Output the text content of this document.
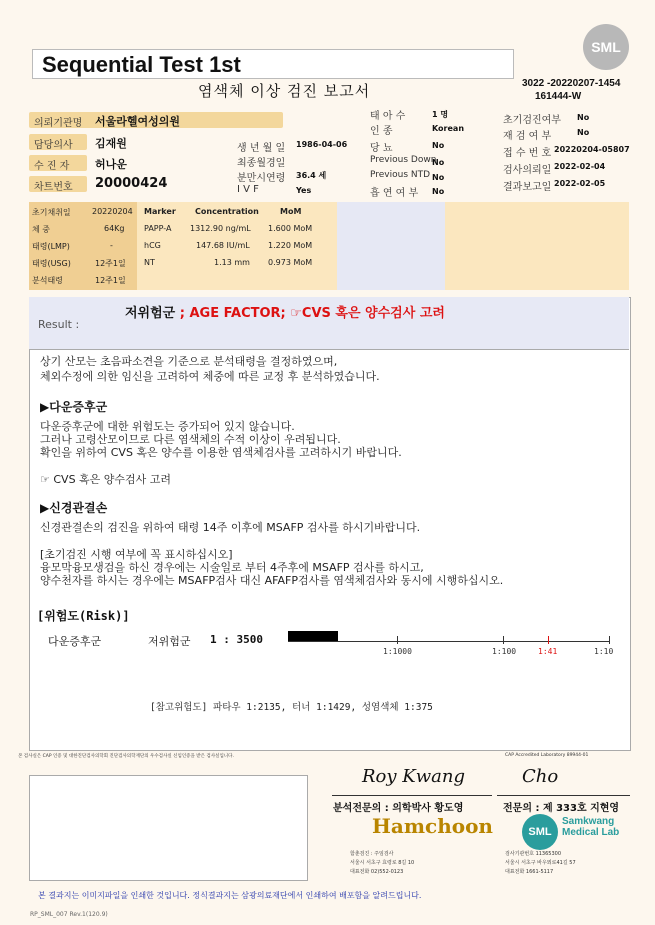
Sequential Test 1st
염색체 이상 검진 보고서
SML
3022 -20220207-1454
161444-W
의뢰기관명 서울라헬여성의원
담당의사 김재원
수 진 자 허나운
차트번호 20000424
생 년 월 일 1986-04-06
최종월경일
분만시연령 36.4 세
I V F	Yes
태 아 수	1 명
인 종	Korean
당 뇨	No
Previous Down
No
Previous NTD No
흡 연 여 부 No
초기검진여부 No
재 검 여 부	No
접 수 번 호 20220204-05807
검사의뢰일 2022-02-04
결과보고일 2022-02-05
초기채취일	20220204
체 중	64Kg
태령(LMP)	-
태령(USG)	12주1일
분석태령	12주1일
Marker Concentration	MoM
PAPP-A 1312.90 ng/mL 1.600 MoM
hCG	147.68 IU/mL 1.220 MoM
NT	1.13 mm 0.973 MoM
Result :
저위험군 ; AGE FACTOR; ☞CVS 혹은 양수검사 고려
상기 산모는 초음파소견을 기준으로 분석태령을 결정하였으며,
체외수정에 의한 임신을 고려하여 체중에 따른 교정 후 분석하였습니다.
▶다운증후군
다운증후군에 대한 위험도는 증가되어 있지 않습니다.
그러나 고령산모이므로 다른 염색체의 수적 이상이 우려됩니다.
확인을 위하여 CVS 혹은 양수를 이용한 염색체검사를 고려하시기 바랍니다.
☞ CVS 혹은 양수검사 고려
▶신경관결손
신경관결손의 검진을 위하여 태령 14주 이후에 MSAFP 검사를 하시기바랍니다.
[초기검진 시행 여부에 꼭 표시하십시오]
융모막융모생검을 하신 경우에는 시술일로 부터 4주후에 MSAFP 검사를 하시고,
양수천자를 하시는 경우에는 MSAFP검사 대신 AFAFP검사를 염색체검사와 동시에 시행하십시오.
[위험도(Risk)]
다운증후군	저위험군 1 : 3500
1:1000	1:100	1:41	1:10
[참고위험도] 파타우 1:2135, 터너 1:1429, 성염색체 1:375
본 검사실은 CAP 인증 및 대한진단검사의학회 진단검사의학재단의 우수검사실 신임인증을 받은 검사실입니다.	CAP Accredited Laboratory 89944-01
Roy Kwang
분석전문의 : 의학박사 황도영
Cho
전문의 : 제 333호 지현영
Hamchoon	SML
Samkwang
Medical Lab
함춘검진 : 주임검사
서울시 서초구 효령로 8길 10
대표전화 02)552-0123
검사기관번호 11365300
서울시 서초구 바우뫼로41길 57
대표전화 1661-5117
본 결과지는 이미지파일을 인쇄한 것입니다. 정식결과지는 삼광의료재단에서 인쇄하여 배포함을 알려드립니다.
RP_SML_007 Rev.1(120.9)
